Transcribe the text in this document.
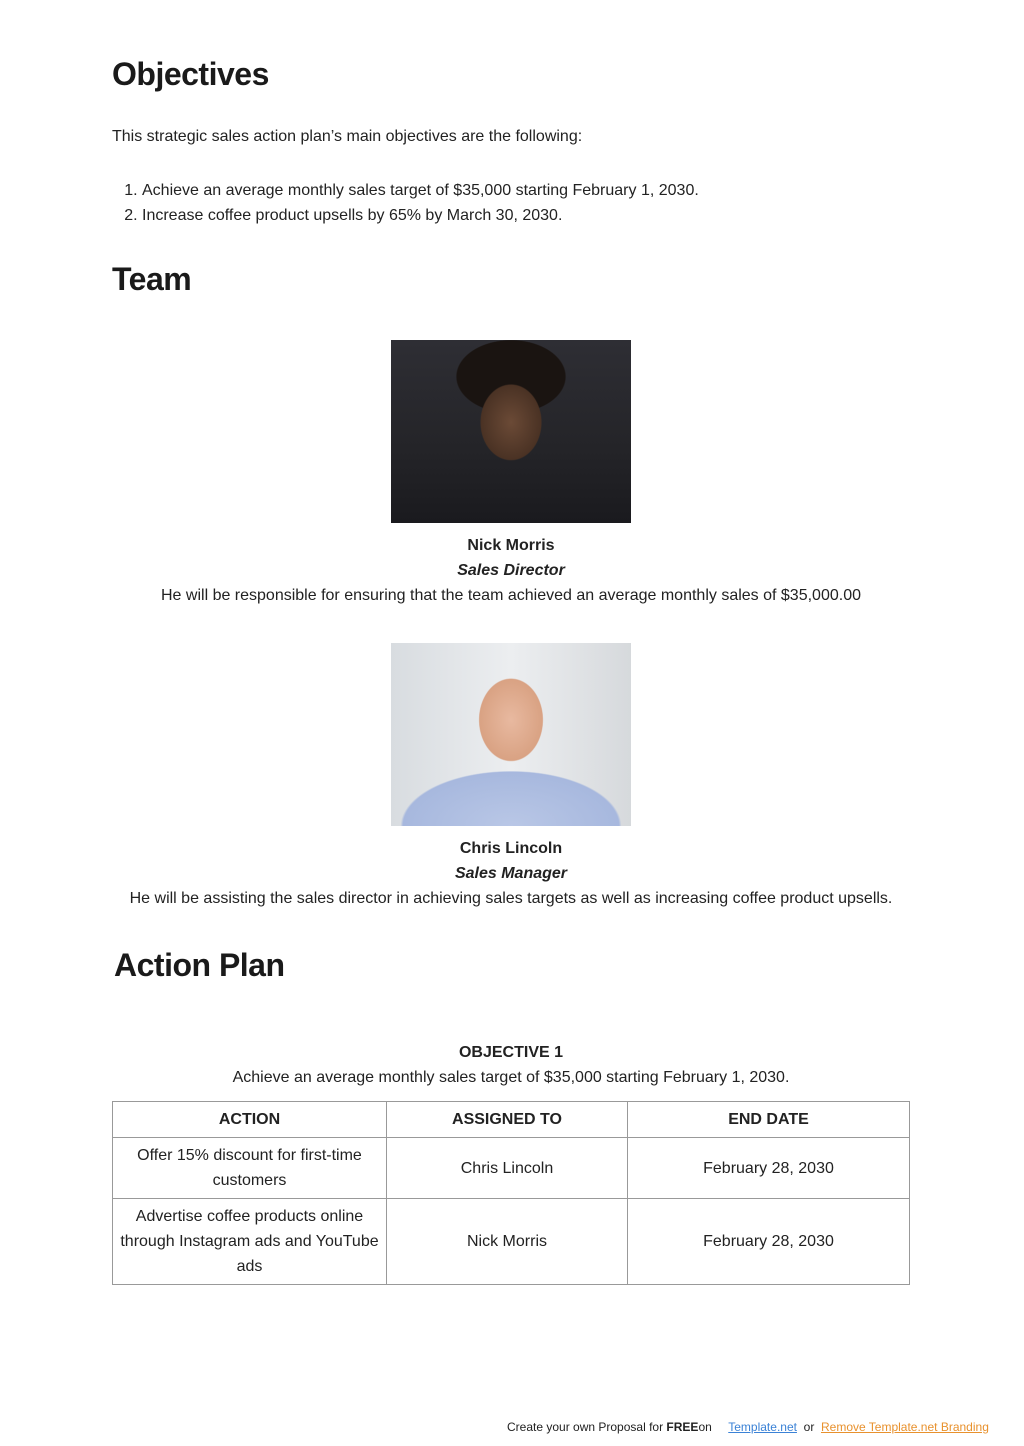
Objectives

This strategic sales action plan’s main objectives are the following:

1. Achieve an average monthly sales target of $35,000 starting February 1, 2030.
2. Increase coffee product upsells by 65% by March 30, 2030.
Team
Nick Morris
Sales Director
He will be responsible for ensuring that the team achieved an average monthly sales of $35,000.00
Chris Lincoln
Sales Manager
He will be assisting the sales director in achieving sales targets as well as increasing coffee product upsells.
Action Plan
OBJECTIVE 1
Achieve an average monthly sales target of $35,000 starting February 1, 2030.
ACTION	ASSIGNED TO	END DATE
Offer 15% discount for first-time customers	Chris Lincoln	February 28, 2030
Advertise coffee products online through Instagram ads and YouTube ads	Nick Morris	February 28, 2030
Create your own Proposal for FREEon Template.net or Remove Template.net Branding
